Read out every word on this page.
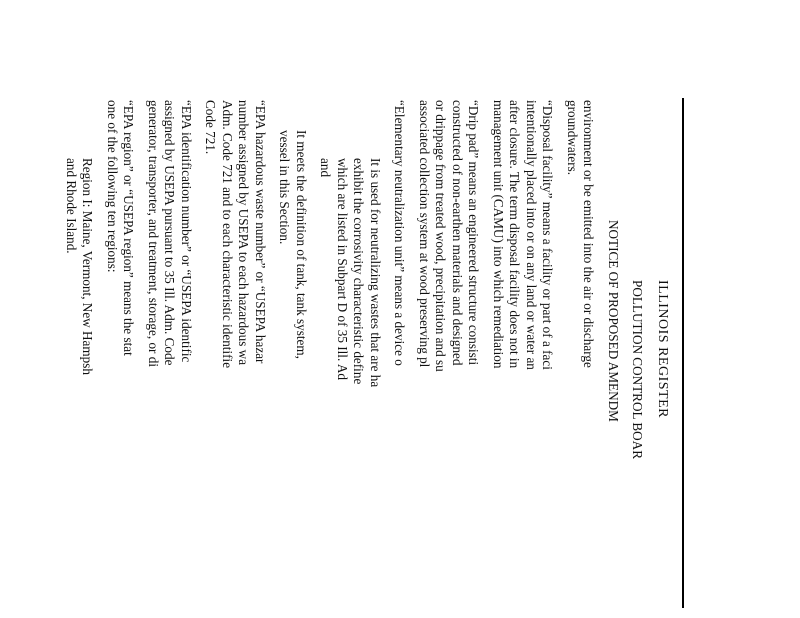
ILLINOIS REGISTER
POLLUTION CONTROL BOAR
NOTICE OF PROPOSED AMENDM
environment or be emitted into the air or discharge
groundwaters.
“Disposal facility” means a facility or part of a faci
intentionally placed into or on any land or water an
after closure. The term disposal facility does not in
management unit (CAMU) into which remediation
“Drip pad” means an engineered structure consisti
constructed of non-earthen materials and designed
or drippage from treated wood, precipitation and su
associated collection system at wood preserving pl
“Elementary neutralization unit” means a device o
It is used for neutralizing wastes that are ha
exhibit the corrosivity characteristic define
which are listed in Subpart D of 35 Ill. Ad
and
It meets the definition of tank, tank system,
vessel in this Section.
“EPA hazardous waste number” or “USEPA hazar
number assigned by USEPA to each hazardous wa
Adm. Code 721 and to each characteristic identifie
Code 721.
“EPA identification number” or “USEPA identific
assigned by USEPA pursuant to 35 Ill. Adm. Code
generator, transporter, and treatment, storage, or di
“EPA region” or “USEPA region” means the stat
one of the following ten regions:
Region I: Maine, Vermont, New Hampsh
and Rhode Island.
